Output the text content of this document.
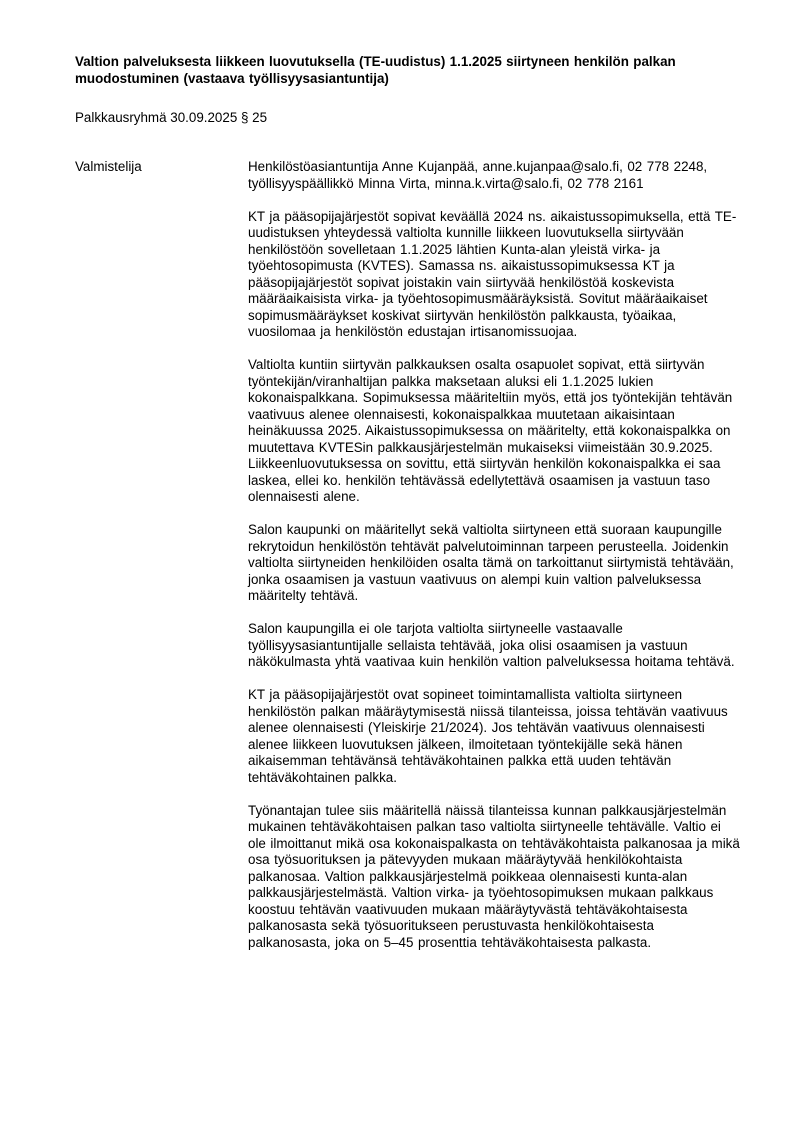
Valtion palveluksesta liikkeen luovutuksella (TE-uudistus) 1.1.2025 siirtyneen henkilön palkan muodostuminen (vastaava työllisyysasiantuntija)

Palkkausryhmä 30.09.2025 § 25

Valmistelija	Henkilöstöasiantuntija Anne Kujanpää, anne.kujanpaa@salo.fi, 02 778 2248, työllisyyspäällikkö Minna Virta, minna.k.virta@salo.fi, 02 778 2161

KT ja pääsopijajärjestöt sopivat keväällä 2024 ns. aikaistussopimuksella, että TE-uudistuksen yhteydessä valtiolta kunnille liikkeen luovutuksella siirtyvään henkilöstöön sovelletaan 1.1.2025 lähtien Kunta-alan yleistä virka- ja työehtosopimusta (KVTES). Samassa ns. aikaistussopimuksessa KT ja pääsopijajärjestöt sopivat joistakin vain siirtyvää henkilöstöä koskevista määräaikaisista virka- ja työehtosopimusmääräyksistä. Sovitut määräaikaiset sopimusmääräykset koskivat siirtyvän henkilöstön palkkausta, työaikaa, vuosilomaa ja henkilöstön edustajan irtisanomissuojaa.

Valtiolta kuntiin siirtyvän palkkauksen osalta osapuolet sopivat, että siirtyvän työntekijän/viranhaltijan palkka maksetaan aluksi eli 1.1.2025 lukien kokonaispalkkana. Sopimuksessa määriteltiin myös, että jos työntekijän tehtävän vaativuus alenee olennaisesti, kokonaispalkkaa muutetaan aikaisintaan heinäkuussa 2025. Aikaistussopimuksessa on määritelty, että kokonaispalkka on muutettava KVTESin palkkausjärjestelmän mukaiseksi viimeistään 30.9.2025. Liikkeenluovutuksessa on sovittu, että siirtyvän henkilön kokonaispalkka ei saa laskea, ellei ko. henkilön tehtävässä edellytettävä osaamisen ja vastuun taso olennaisesti alene.

Salon kaupunki on määritellyt sekä valtiolta siirtyneen että suoraan kaupungille rekrytoidun henkilöstön tehtävät palvelutoiminnan tarpeen perusteella. Joidenkin valtiolta siirtyneiden henkilöiden osalta tämä on tarkoittanut siirtymistä tehtävään, jonka osaamisen ja vastuun vaativuus on alempi kuin valtion palveluksessa määritelty tehtävä.

Salon kaupungilla ei ole tarjota valtiolta siirtyneelle vastaavalle työllisyysasiantuntijalle sellaista tehtävää, joka olisi osaamisen ja vastuun näkökulmasta yhtä vaativaa kuin henkilön valtion palveluksessa hoitama tehtävä.

KT ja pääsopijajärjestöt ovat sopineet toimintamallista valtiolta siirtyneen henkilöstön palkan määräytymisestä niissä tilanteissa, joissa tehtävän vaativuus alenee olennaisesti (Yleiskirje 21/2024). Jos tehtävän vaativuus olennaisesti alenee liikkeen luovutuksen jälkeen, ilmoitetaan työntekijälle sekä hänen aikaisemman tehtävänsä tehtäväkohtainen palkka että uuden tehtävän tehtäväkohtainen palkka.

Työnantajan tulee siis määritellä näissä tilanteissa kunnan palkkausjärjestelmän mukainen tehtäväkohtaisen palkan taso valtiolta siirtyneelle tehtävälle. Valtio ei ole ilmoittanut mikä osa kokonaispalkasta on tehtäväkohtaista palkanosaa ja mikä osa työsuorituksen ja pätevyyden mukaan määräytyvää henkilökohtaista palkanosaa. Valtion palkkausjärjestelmä poikkeaa olennaisesti kunta-alan palkkausjärjestelmästä. Valtion virka- ja työehtosopimuksen mukaan palkkaus koostuu tehtävän vaativuuden mukaan määräytyvästä tehtäväkohtaisesta palkanosasta sekä työsuoritukseen perustuvasta henkilökohtaisesta palkanosasta, joka on 5–45 prosenttia tehtäväkohtaisesta palkasta.
